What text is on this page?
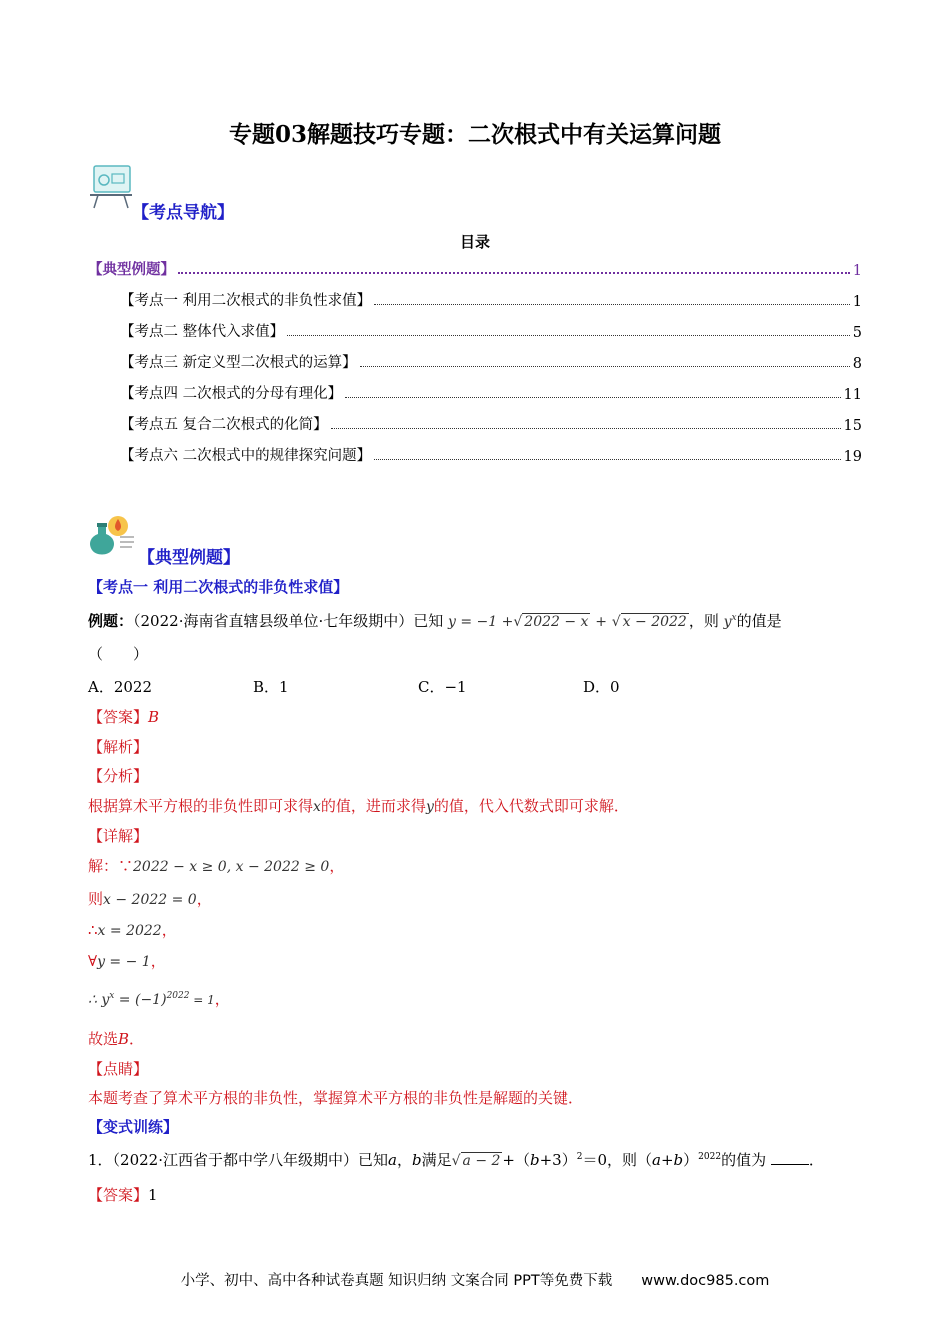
专题03解题技巧专题：二次根式中有关运算问题
【考点导航】
目录
【典型例题】	1
【考点一 利用二次根式的非负性求值】	1
【考点二 整体代入求值】	5
【考点三 新定义型二次根式的运算】	8
【考点四 二次根式的分母有理化】	11
【考点五 复合二次根式的化简】	15
【考点六 二次根式中的规律探究问题】	19
【典型例题】
【考点一 利用二次根式的非负性求值】
例题：（2022·海南省直辖县级单位·七年级期中）已知 y = −1 +√ 2022 − x + √ x − 2022 ，则 $y^x$的值是
（　　）
A．2022	B．1	C．−1	D．0
【答案】B
【解析】
【分析】
根据算术平方根的非负性即可求得x的值，进而求得y的值，代入代数式即可求解．
【详解】
解：∵2022 − x ≥ 0, x − 2022 ≥ 0，
则x − 2022 = 0，
∴x = 2022，
∀y = − 1，
∴ $y^x = (-1)^{2022} = 1$，
故选B．
【点睛】
本题考查了算术平方根的非负性，掌握算术平方根的非负性是解题的关键．
【变式训练】
1．（2022·江西省于都中学八年级期中）已知a，b满足√ $a - 2 +(b+3)^2=0$，则$(a+b)^{2022}$的值为	．
【答案】1
小学、初中、高中各种试卷真题 知识归纳 文案合同 PPT等免费下载　　www.doc985.com
